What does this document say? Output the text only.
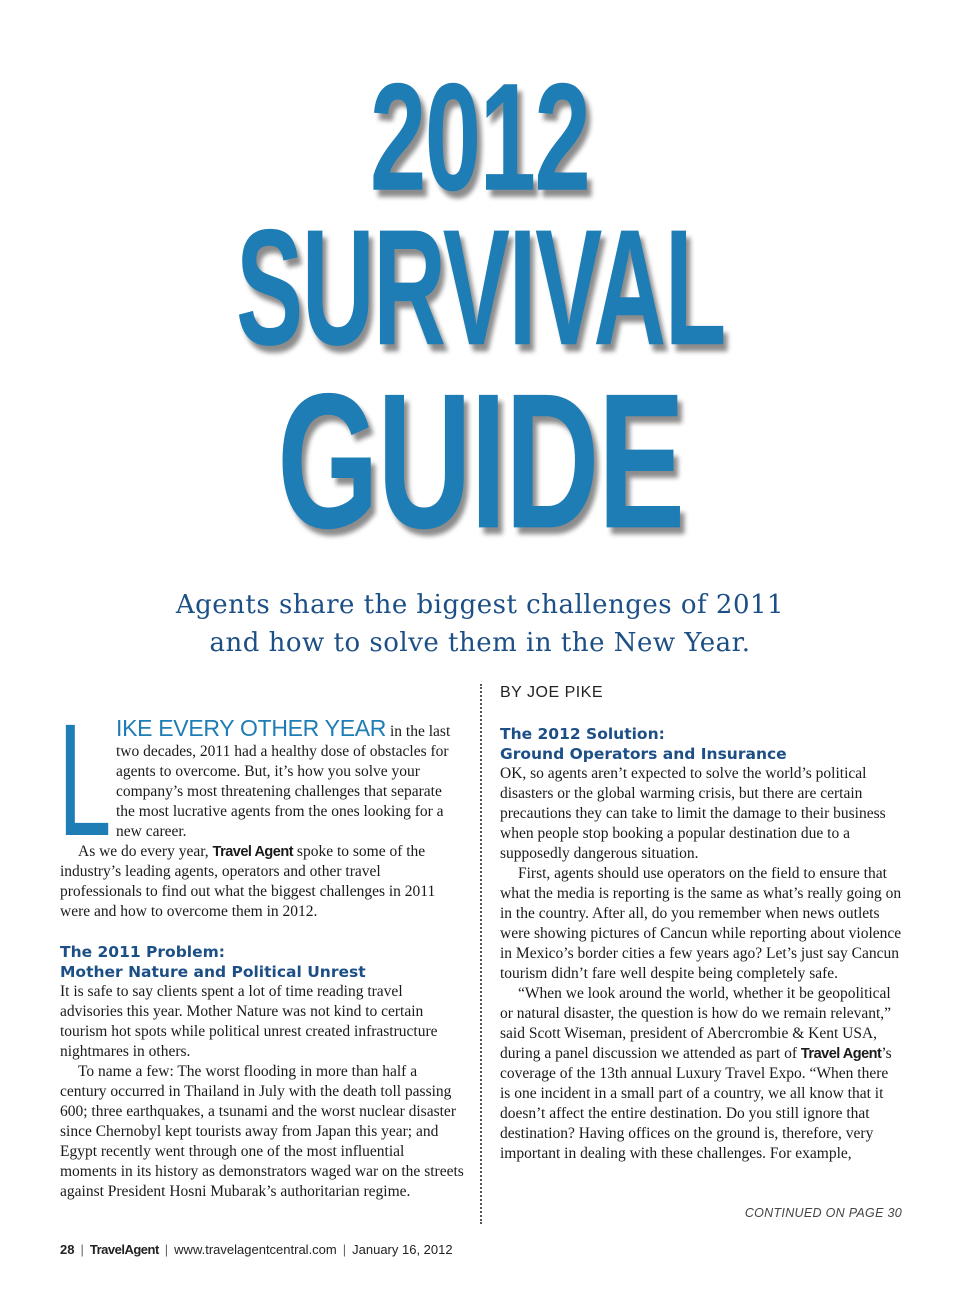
2012
SURVIVAL
GUIDE
Agents share the biggest challenges of 2011
and how to solve them in the New Year.
BY JOE PIKE
L IKE EVERY OTHER YEAR in the last two decades, 2011 had a healthy dose of obstacles for agents to overcome. But, it’s how you solve your company’s most threatening challenges that separate the most lucrative agents from the ones looking for a new career.

As we do every year, Travel Agent spoke to some of the industry’s leading agents, operators and other travel professionals to find out what the biggest challenges in 2011 were and how to overcome them in 2012.

The 2011 Problem:
Mother Nature and Political Unrest

It is safe to say clients spent a lot of time reading travel advisories this year. Mother Nature was not kind to certain tourism hot spots while political unrest created infrastructure nightmares in others.

To name a few: The worst flooding in more than half a century occurred in Thailand in July with the death toll passing 600; three earthquakes, a tsunami and the worst nuclear disaster since Chernobyl kept tourists away from Japan this year; and Egypt recently went through one of the most influential moments in its history as demonstrators waged war on the streets against President Hosni Mubarak’s authoritarian regime.

The 2012 Solution:
Ground Operators and Insurance

OK, so agents aren’t expected to solve the world’s political disasters or the global warming crisis, but there are certain precautions they can take to limit the damage to their business when people stop booking a popular destination due to a supposedly dangerous situation.

First, agents should use operators on the field to ensure that what the media is reporting is the same as what’s really going on in the country. After all, do you remember when news outlets were showing pictures of Cancun while reporting about violence in Mexico’s border cities a few years ago? Let’s just say Cancun tourism didn’t fare well despite being completely safe.

“When we look around the world, whether it be geopolitical or natural disaster, the question is how do we remain relevant,” said Scott Wiseman, president of Abercrombie & Kent USA, during a panel discussion we attended as part of Travel Agent’s coverage of the 13th annual Luxury Travel Expo. “When there is one incident in a small part of a country, we all know that it doesn’t affect the entire destination. Do you still ignore that destination? Having offices on the ground is, therefore, very important in dealing with these challenges. For example,

CONTINUED ON PAGE 30
28 | TravelAgent | www.travelagentcentral.com | January 16, 2012
